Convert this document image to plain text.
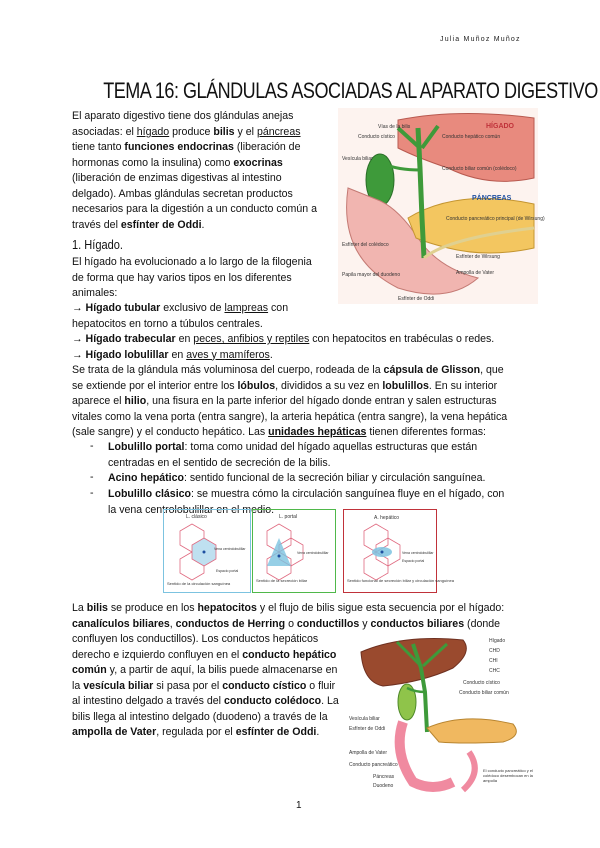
Julia Muñoz Muñoz
TEMA 16: GLÁNDULAS ASOCIADAS AL APARATO DIGESTIVO
El aparato digestivo tiene dos glándulas anejas
asociadas: el hígado produce bilis y el páncreas
tiene tanto funciones endocrinas (liberación de
hormonas como la insulina) como exocrinas
(liberación de enzimas digestivas al intestino
delgado). Ambas glándulas secretan productos
necesarios para la digestión a un conducto común a
través del esfínter de Oddi.
HÍGADO
PÁNCREAS
Vesícula biliar
Conducto cístico
Vías de la bilis
Conducto hepático común
Conducto biliar común (colédoco)
Conducto pancreático principal (de Wirsung)
Esfínter de Wirsung
Ampolla de Vater
Esfínter de Oddi
Papila mayor del duodeno
Esfínter del colédoco
1. Hígado.
El hígado ha evolucionado a lo largo de la filogenia
de forma que hay varios tipos en los diferentes
animales:
→ Hígado tubular exclusivo de lampreas con
hepatocitos en torno a túbulos centrales.
→ Hígado trabecular en peces, anfibios y reptiles con hepatocitos en trabéculas o redes.
→ Hígado lobulillar en aves y mamíferos.
Se trata de la glándula más voluminosa del cuerpo, rodeada de la cápsula de Glisson, que
se extiende por el interior entre los lóbulos, divididos a su vez en lobulillos. En su interior
aparece el hilio, una fisura en la parte inferior del hígado donde entran y salen estructuras
vitales como la vena porta (entra sangre), la arteria hepática (entra sangre), la vena hepática
(sale sangre) y el conducto hepático. Las unidades hepáticas tienen diferentes formas:
- Lobulillo portal: toma como unidad del hígado aquellas estructuras que están
centradas en el sentido de secreción de la bilis.
- Acino hepático: sentido funcional de la secreción biliar y circulación sanguínea.
- Lobulillo clásico: se muestra cómo la circulación sanguínea fluye en el hígado, con
la vena centrolobulillar en el medio.
L. clásico
Vena centrolobulillar
Espacio portal
Sentido de la circulación sanguínea
L. portal
Vena centrolobulillar
Sentido de la secreción biliar
A. hepático
Vena centrolobulillar
Espacio portal
Sentido funcional de secreción biliar y circulación sanguínea
La bilis se produce en los hepatocitos y el flujo de bilis sigue esta secuencia por el hígado:
canalículos biliares, conductos de Herring o conductillos y conductos biliares (donde
confluyen los conductillos). Los conductos hepáticos
derecho e izquierdo confluyen en el conducto hepático
común y, a partir de aquí, la bilis puede almacenarse en
la vesícula biliar si pasa por el conducto cístico o fluir
al intestino delgado a través del conducto colédoco. La
bilis llega al intestino delgado (duodeno) a través de la
ampolla de Vater, regulada por el esfínter de Oddi.
Hígado
CHD
CHI
CHC
Conducto cístico
Conducto biliar común
Vesícula biliar
Esfínter de Oddi
Ampolla de Vater
Conducto pancreático
Páncreas
Duodeno
El conducto pancreático y el colédoco desembocan en la ampolla
1
